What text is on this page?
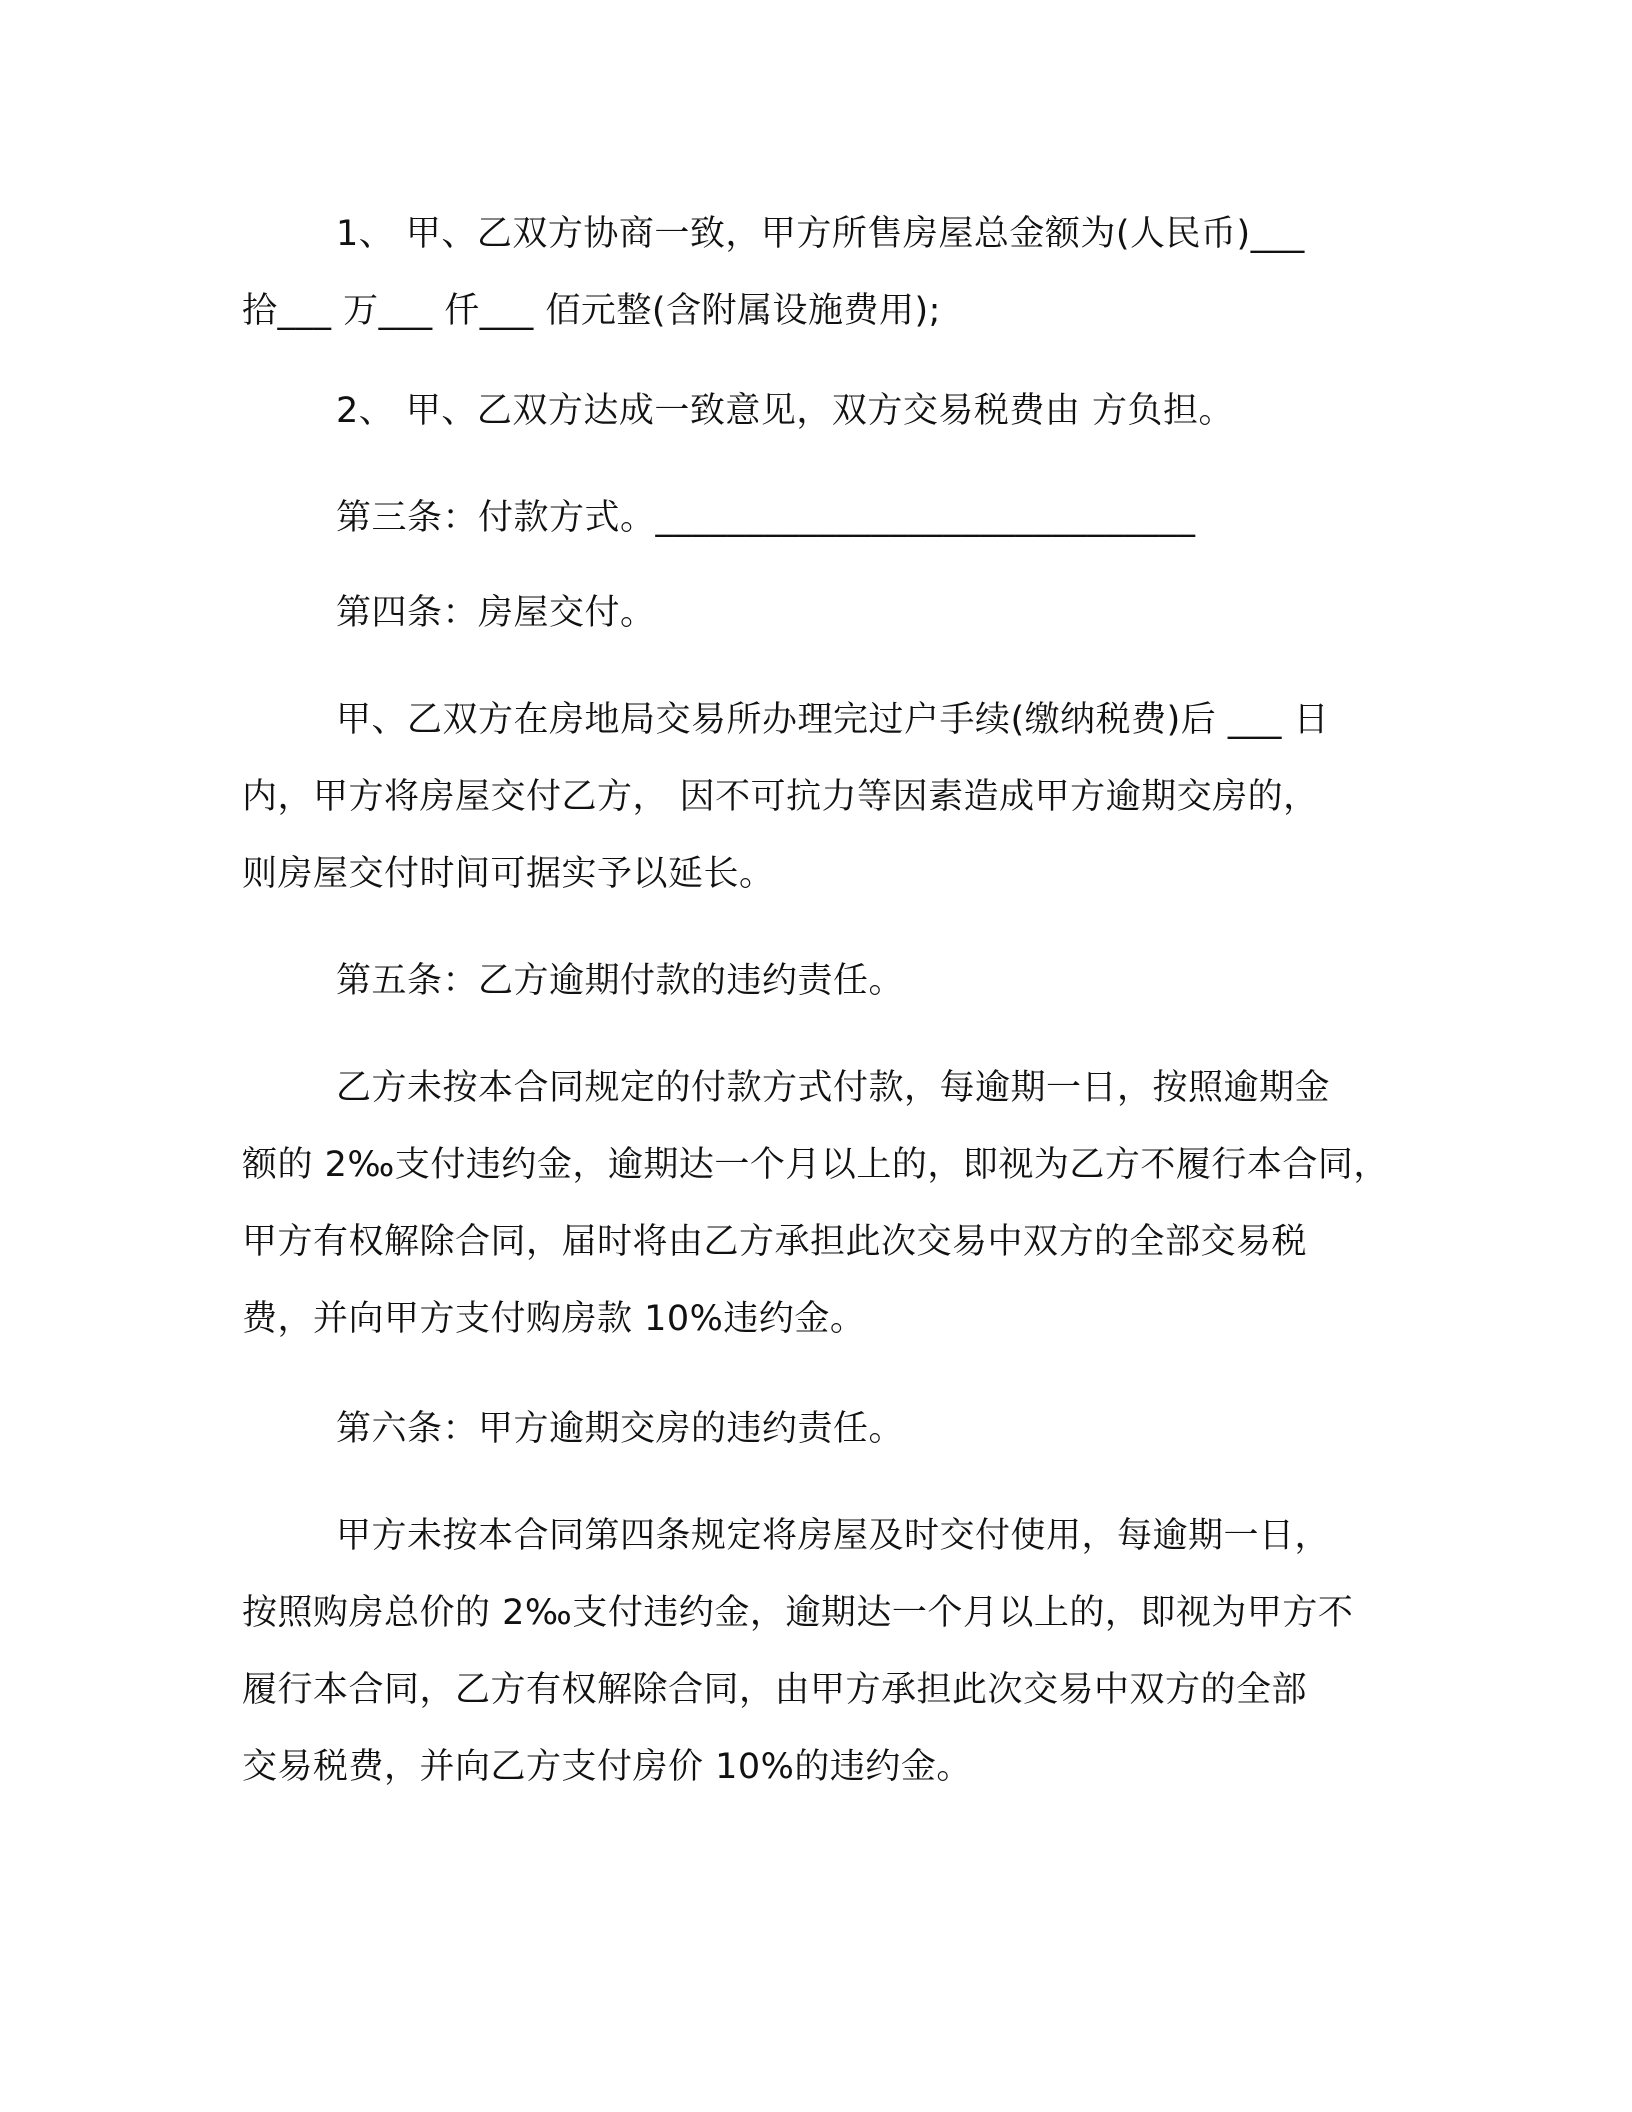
1、 甲、乙双方协商一致，甲方所售房屋总金额为(人民币)___
拾___ 万___ 仟___ 佰元整(含附属设施费用);
2、 甲、乙双方达成一致意见，双方交易税费由 方负担。
第三条：付款方式。______________________________
第四条：房屋交付。
甲、乙双方在房地局交易所办理完过户手续(缴纳税费)后 ___ 日
内，甲方将房屋交付乙方， 因不可抗力等因素造成甲方逾期交房的，
则房屋交付时间可据实予以延长。
第五条：乙方逾期付款的违约责任。
乙方未按本合同规定的付款方式付款，每逾期一日，按照逾期金
额的 2‰支付违约金，逾期达一个月以上的，即视为乙方不履行本合同，
甲方有权解除合同，届时将由乙方承担此次交易中双方的全部交易税
费，并向甲方支付购房款 10%违约金。
第六条：甲方逾期交房的违约责任。
甲方未按本合同第四条规定将房屋及时交付使用，每逾期一日，
按照购房总价的 2‰支付违约金，逾期达一个月以上的，即视为甲方不
履行本合同，乙方有权解除合同，由甲方承担此次交易中双方的全部
交易税费，并向乙方支付房价 10%的违约金。
